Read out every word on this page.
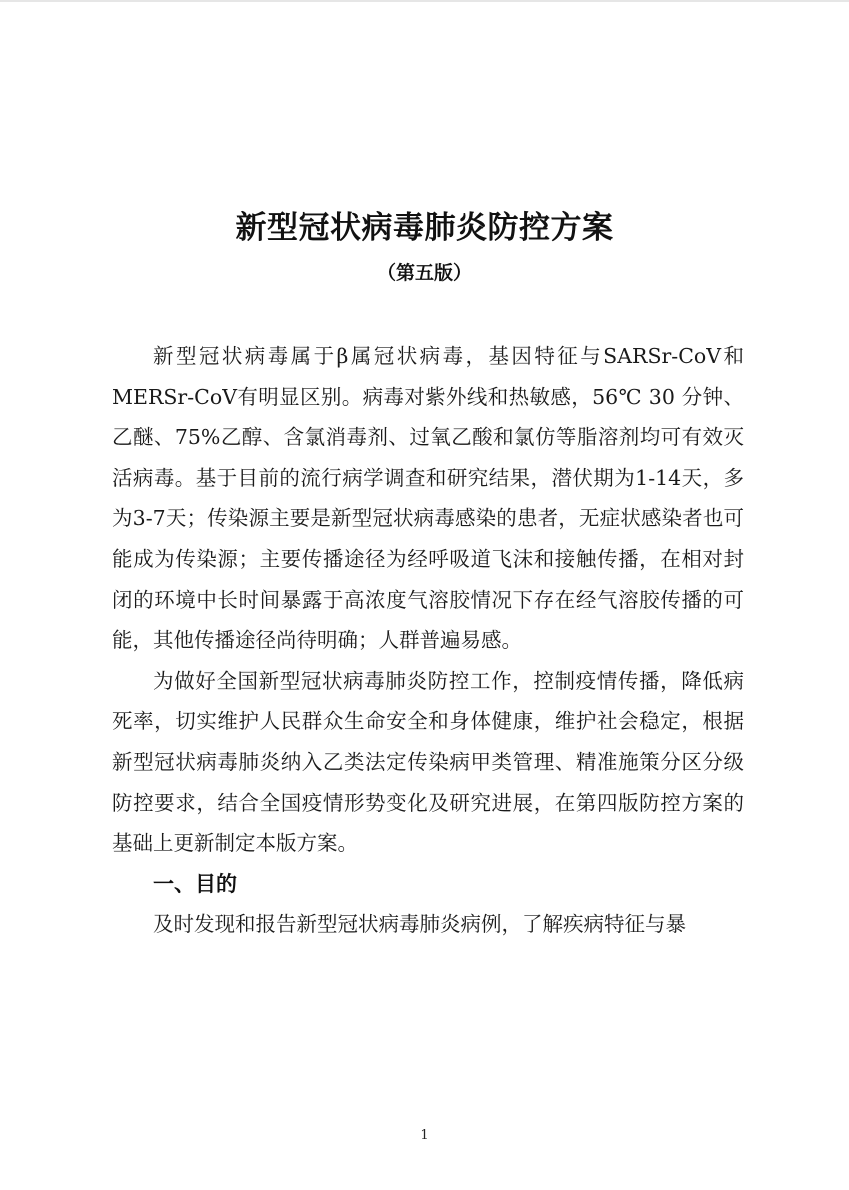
新型冠状病毒肺炎防控方案
（第五版）

新型冠状病毒属于β属冠状病毒，基因特征与SARSr-CoV和MERSr-CoV有明显区别。病毒对紫外线和热敏感，56℃ 30 分钟、乙醚、75%乙醇、含氯消毒剂、过氧乙酸和氯仿等脂溶剂均可有效灭活病毒。基于目前的流行病学调查和研究结果，潜伏期为1-14天，多为3-7天；传染源主要是新型冠状病毒感染的患者，无症状感染者也可能成为传染源；主要传播途径为经呼吸道飞沫和接触传播，在相对封闭的环境中长时间暴露于高浓度气溶胶情况下存在经气溶胶传播的可能，其他传播途径尚待明确；人群普遍易感。

为做好全国新型冠状病毒肺炎防控工作，控制疫情传播，降低病死率，切实维护人民群众生命安全和身体健康，维护社会稳定，根据新型冠状病毒肺炎纳入乙类法定传染病甲类管理、精准施策分区分级防控要求，结合全国疫情形势变化及研究进展，在第四版防控方案的基础上更新制定本版方案。

一、目的

及时发现和报告新型冠状病毒肺炎病例，了解疾病特征与暴

1
